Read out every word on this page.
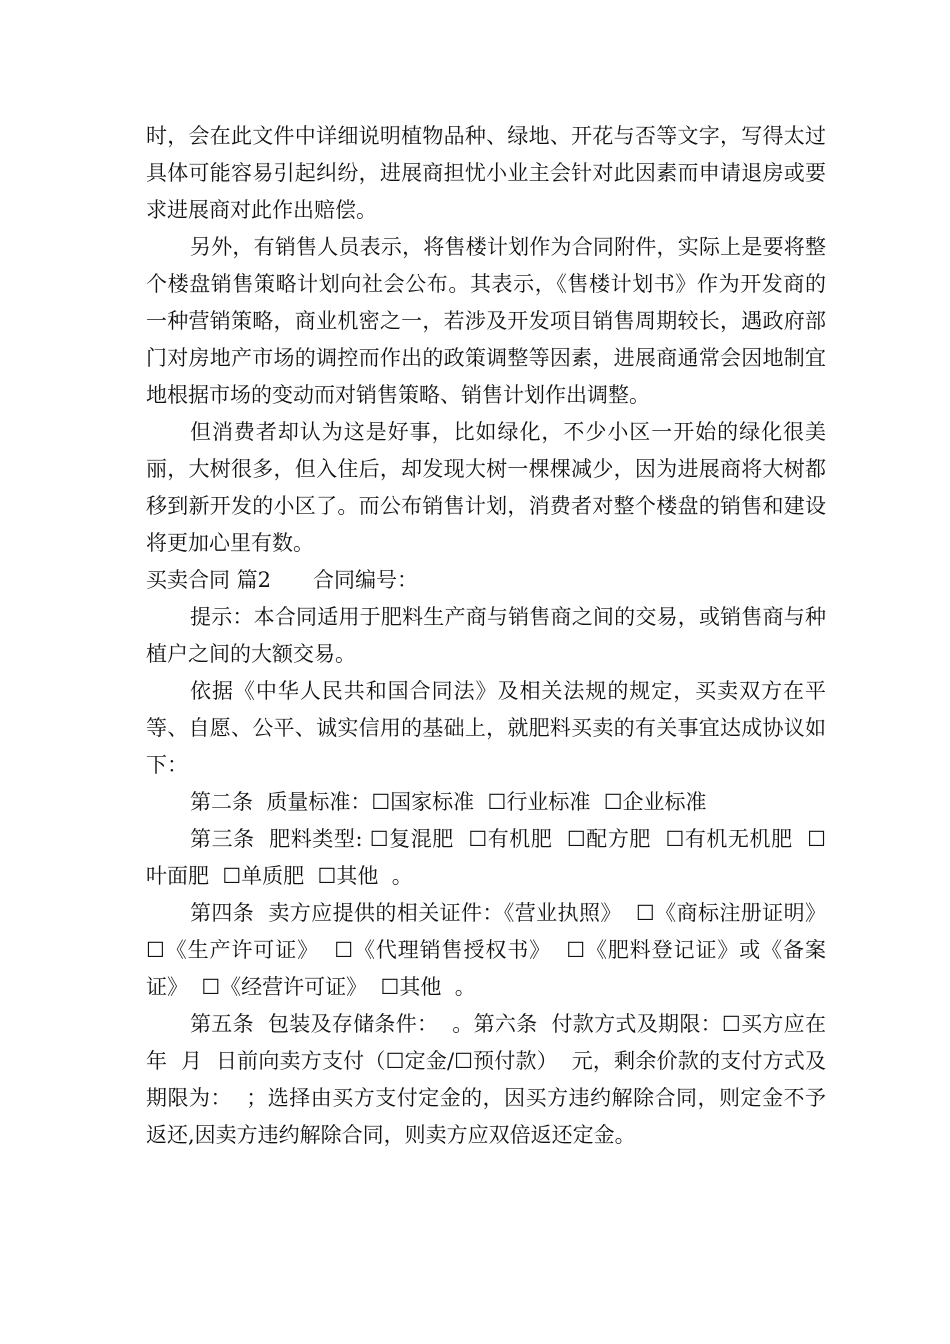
时，会在此文件中详细说明植物品种、绿地、开花与否等文字，写得太过具体可能容易引起纠纷，进展商担忧小业主会针对此因素而申请退房或要求进展商对此作出赔偿。

另外，有销售人员表示，将售楼计划作为合同附件，实际上是要将整个楼盘销售策略计划向社会公布。其表示，《售楼计划书》作为开发商的一种营销策略，商业机密之一，若涉及开发项目销售周期较长，遇政府部门对房地产市场的调控而作出的政策调整等因素，进展商通常会因地制宜地根据市场的变动而对销售策略、销售计划作出调整。

但消费者却认为这是好事，比如绿化，不少小区一开始的绿化很美丽，大树很多，但入住后，却发现大树一棵棵减少，因为进展商将大树都移到新开发的小区了。而公布销售计划，消费者对整个楼盘的销售和建设将更加心里有数。

买卖合同 篇2　　合同编号：

提示：本合同适用于肥料生产商与销售商之间的交易，或销售商与种植户之间的大额交易。

依据《中华人民共和国合同法》及相关法规的规定，买卖双方在平等、自愿、公平、诚实信用的基础上，就肥料买卖的有关事宜达成协议如下：

第二条  质量标准：☐国家标准  ☐行业标准  ☐企业标准

第三条  肥料类型: ☐复混肥  ☐有机肥  ☐配方肥  ☐有机无机肥  ☐叶面肥  ☐单质肥  ☐其他  。

第四条  卖方应提供的相关证件：《营业执照》  ☐《商标注册证明》  ☐《生产许可证》  ☐《代理销售授权书》  ☐《肥料登记证》或《备案证》  ☐《经营许可证》  ☐其他  。

第五条  包装及存储条件：  。第六条  付款方式及期限：☐买方应在  年  月  日前向卖方支付（☐定金/☐预付款）  元，剩余价款的支付方式及期限为：  ；选择由买方支付定金的，因买方违约解除合同，则定金不予返还,因卖方违约解除合同，则卖方应双倍返还定金。
